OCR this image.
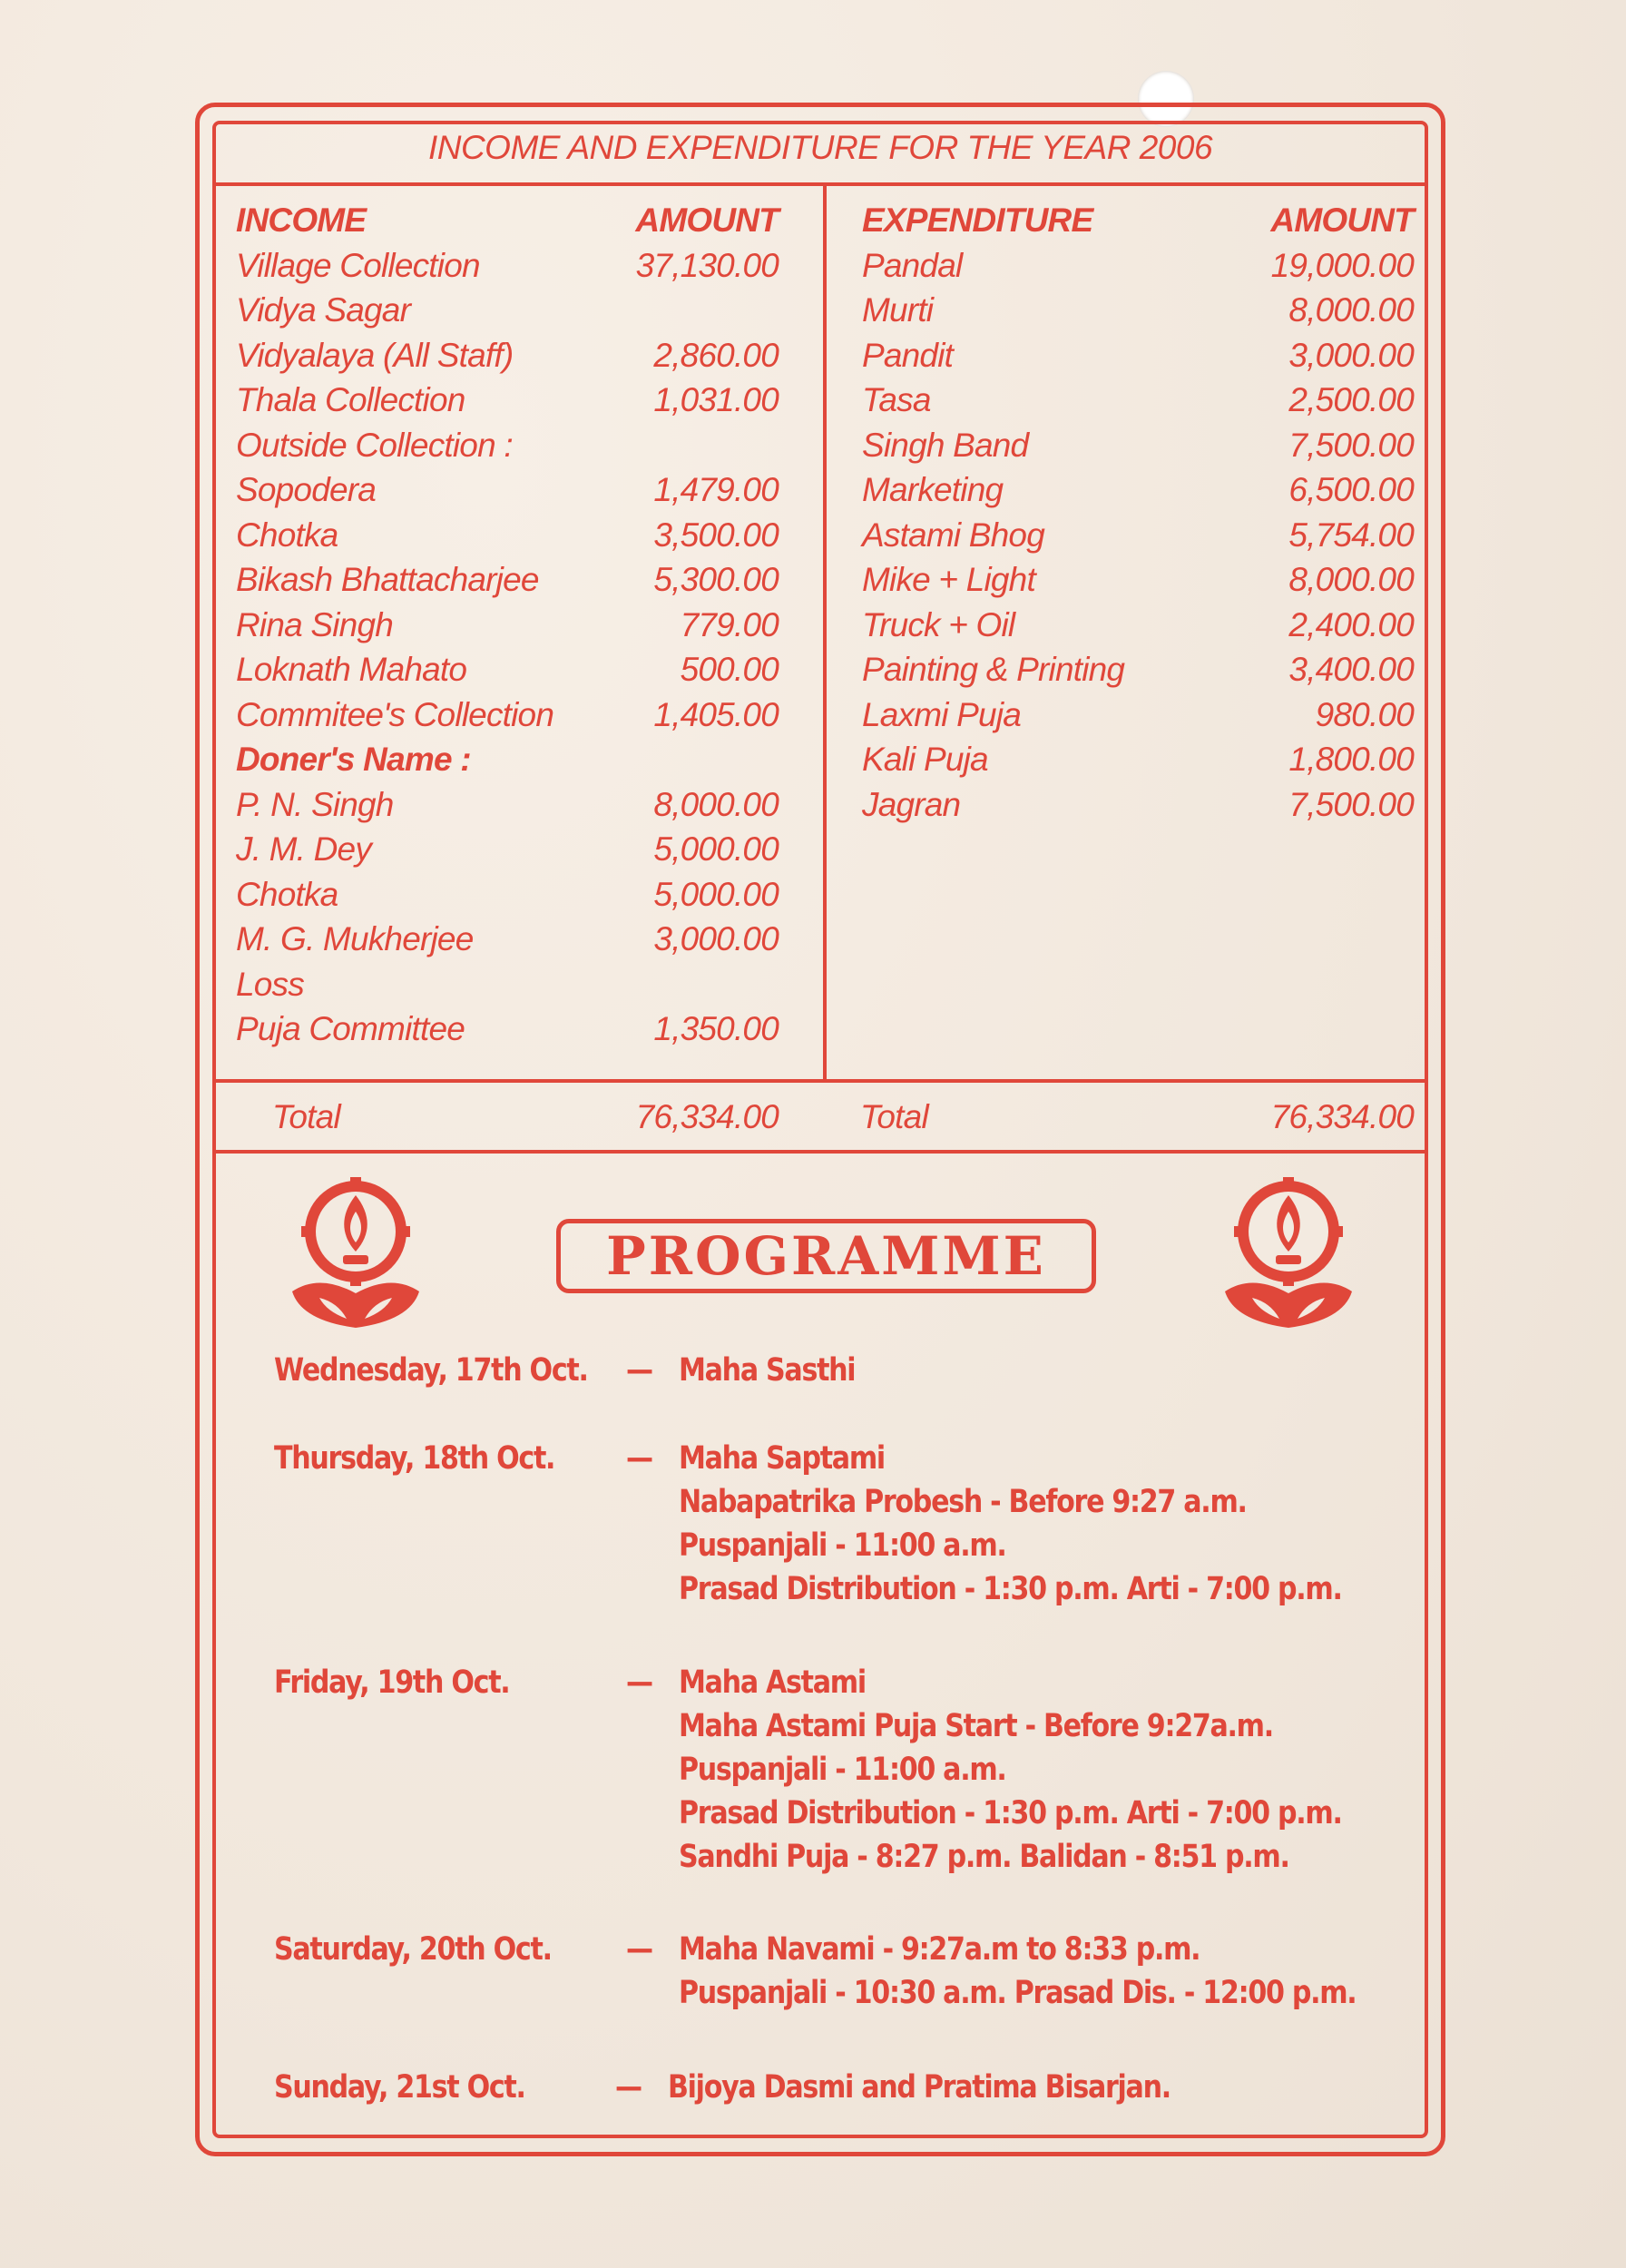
INCOME AND EXPENDITURE FOR THE YEAR 2006
INCOME	AMOUNT
Village Collection	37,130.00
Vidya Sagar
Vidyalaya (All Staff)	2,860.00
Thala Collection	1,031.00
Outside Collection :
Sopodera	1,479.00
Chotka	3,500.00
Bikash Bhattacharjee	5,300.00
Rina Singh	779.00
Loknath Mahato	500.00
Commitee's Collection	1,405.00
Doner's Name :
P. N. Singh	8,000.00
J. M. Dey	5,000.00
Chotka	5,000.00
M. G. Mukherjee	3,000.00
Loss
Puja Committee	1,350.00
EXPENDITURE	AMOUNT
Pandal	19,000.00
Murti	8,000.00
Pandit	3,000.00
Tasa	2,500.00
Singh Band	7,500.00
Marketing	6,500.00
Astami Bhog	5,754.00
Mike + Light	8,000.00
Truck + Oil	2,400.00
Painting & Printing	3,400.00
Laxmi Puja	980.00
Kali Puja	1,800.00
Jagran	7,500.00
Total	76,334.00 Total	76,334.00
PROGRAMME
Wednesday, 17th Oct. — Maha Sasthi
Thursday, 18th Oct. — Maha Saptami
Nabapatrika Probesh - Before 9:27 a.m.
Puspanjali - 11:00 a.m.
Prasad Distribution - 1:30 p.m. Arti - 7:00 p.m.
Friday, 19th Oct.	— Maha Astami
Maha Astami Puja Start - Before 9:27a.m.
Puspanjali - 11:00 a.m.
Prasad Distribution - 1:30 p.m. Arti - 7:00 p.m.
Sandhi Puja - 8:27 p.m. Balidan - 8:51 p.m.
Saturday, 20th Oct. — Maha Navami - 9:27a.m to 8:33 p.m.
Puspanjali - 10:30 a.m. Prasad Dis. - 12:00 p.m.
Sunday, 21st Oct.	— Bijoya Dasmi and Pratima Bisarjan.
